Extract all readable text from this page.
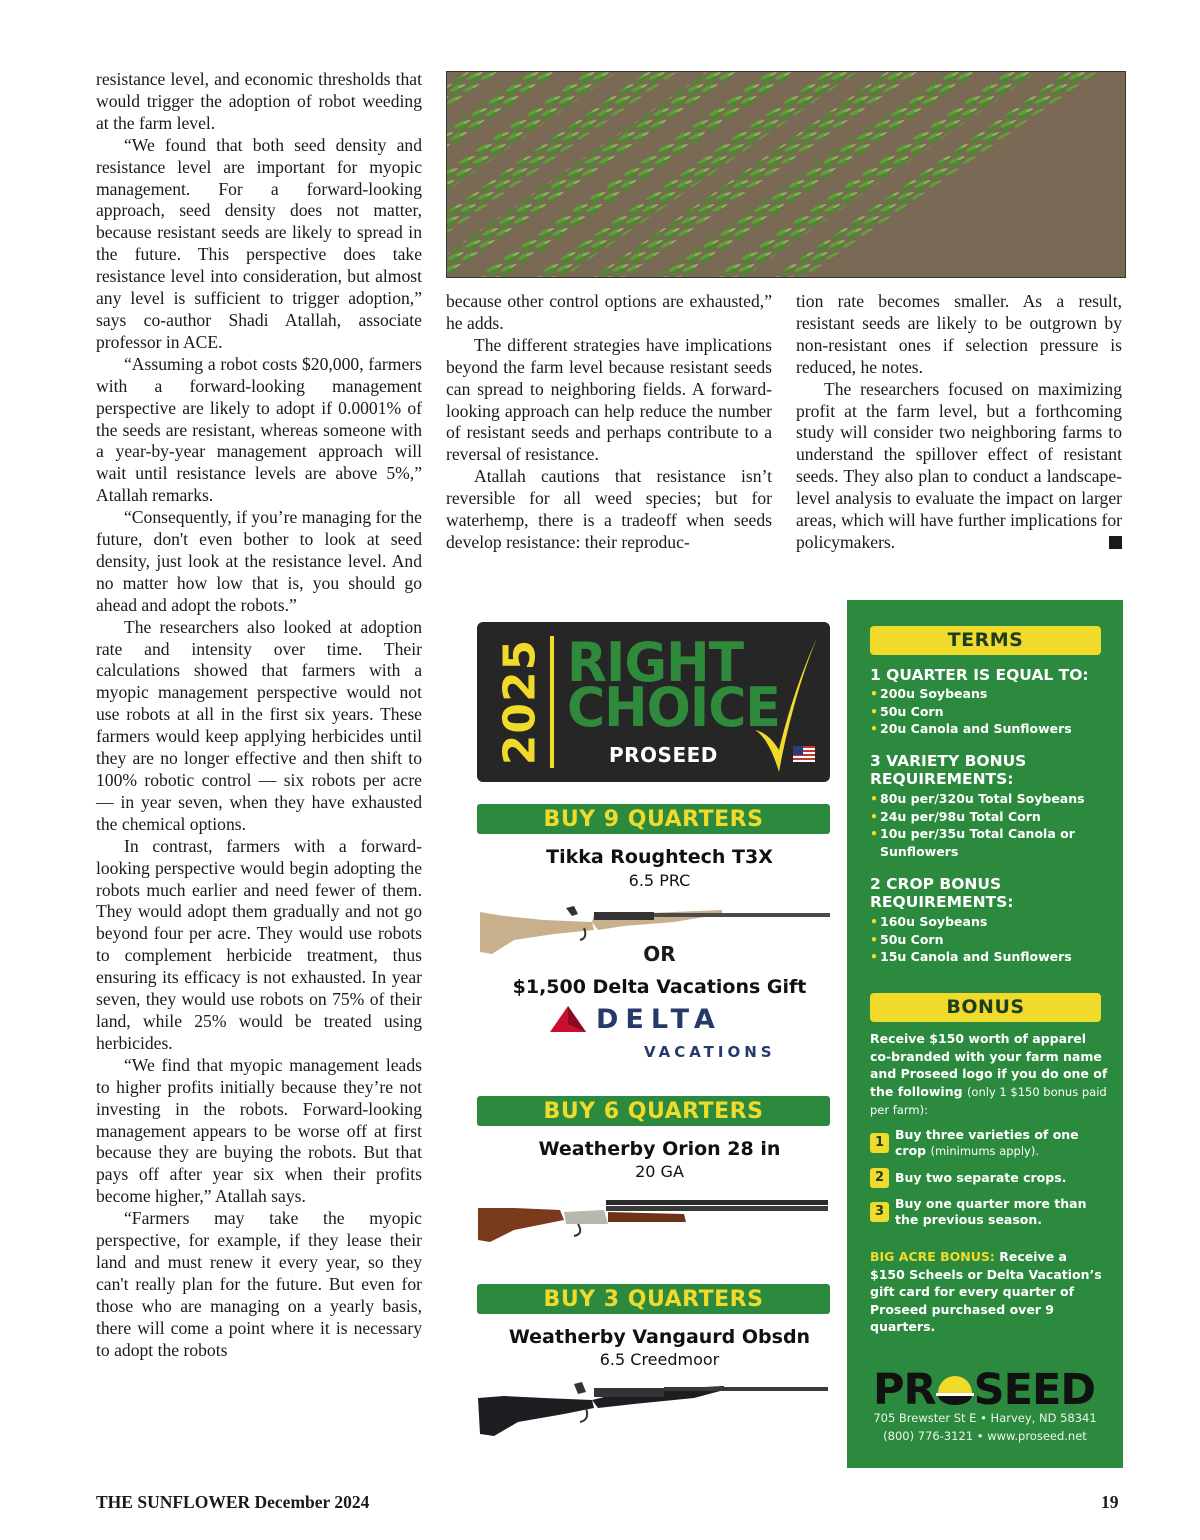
resistance level, and economic thresholds that would trigger the adoption of robot weeding at the farm level.

“We found that both seed density and resistance level are important for myopic management. For a forward-looking approach, seed density does not matter, because resistant seeds are likely to spread in the future. This perspective does take resistance level into consideration, but almost any level is sufficient to trigger adoption,” says co-author Shadi Atallah, associate professor in ACE.

“Assuming a robot costs $20,000, farmers with a forward-looking management perspective are likely to adopt if 0.0001% of the seeds are resistant, whereas someone with a year-by-year management approach will wait until resistance levels are above 5%,” Atallah remarks.

“Consequently, if you’re managing for the future, don't even bother to look at seed density, just look at the resistance level. And no matter how low that is, you should go ahead and adopt the robots.”

The researchers also looked at adoption rate and intensity over time. Their calculations showed that farmers with a myopic management perspective would not use robots at all in the first six years. These farmers would keep applying herbicides until they are no longer effective and then shift to 100% robotic control — six robots per acre — in year seven, when they have exhausted the chemical options.

In contrast, farmers with a forward-looking perspective would begin adopting the robots much earlier and need fewer of them. They would adopt them gradually and not go beyond four per acre. They would use robots to complement herbicide treatment, thus ensuring its efficacy is not exhausted. In year seven, they would use robots on 75% of their land, while 25% would be treated using herbicides.

“We find that myopic management leads to higher profits initially because they’re not investing in the robots. Forward-looking management appears to be worse off at first because they are buying the robots. But that pays off after year six when their profits become higher,” Atallah says.

“Farmers may take the myopic perspective, for example, if they lease their land and must renew it every year, so they can't really plan for the future. But even for those who are managing on a yearly basis, there will come a point where it is necessary to adopt the robots

because other control options are exhausted,” he adds.

The different strategies have implications beyond the farm level because resistant seeds can spread to neighboring fields. A forward-looking approach can help reduce the number of resistant seeds and perhaps contribute to a reversal of resistance.

Atallah cautions that resistance isn’t reversible for all weed species; but for waterhemp, there is a tradeoff when seeds develop resistance: their reproduc-

tion rate becomes smaller. As a result, resistant seeds are likely to be outgrown by non-resistant ones if selection pressure is reduced, he notes.

The researchers focused on maximizing profit at the farm level, but a forthcoming study will consider two neighboring farms to understand the spillover effect of resistant seeds. They also plan to conduct a landscape-level analysis to evaluate the impact on larger areas, which will have further implications for policymakers.

2025 RIGHT
CHOICE
PROSEED
BUY 9 QUARTERS
Tikka Roughtech T3X
6.5 PRC
OR
$1,500 Delta Vacations Gift
DELTA
VACATIONS
BUY 6 QUARTERS
Weatherby Orion 28 in
20 GA
BUY 3 QUARTERS
Weatherby Vangaurd Obsdn
6.5 Creedmoor
TERMS
1 QUARTER IS EQUAL TO:
• 200u Soybeans
• 50u Corn
• 20u Canola and Sunflowers
3 VARIETY BONUS REQUIREMENTS:
• 80u per/320u Total Soybeans
• 24u per/98u Total Corn
• 10u per/35u Total Canola or Sunflowers
2 CROP BONUS REQUIREMENTS:
• 160u Soybeans
• 50u Corn
• 15u Canola and Sunflowers
BONUS
Receive $150 worth of apparel co-branded with your farm name and Proseed logo if you do one of the following (only 1 $150 bonus paid per farm):
1
Buy three varieties of one crop (minimums apply).
2 Buy two separate crops.
3
Buy one quarter more than the previous season.
BIG ACRE BONUS: Receive a $150 Scheels or Delta Vacation’s gift card for every quarter of Proseed purchased over 9 quarters.
PR SEED
705 Brewster St E • Harvey, ND 58341
(800) 776-3121 • www.proseed.net
THE SUNFLOWER December 2024	19
